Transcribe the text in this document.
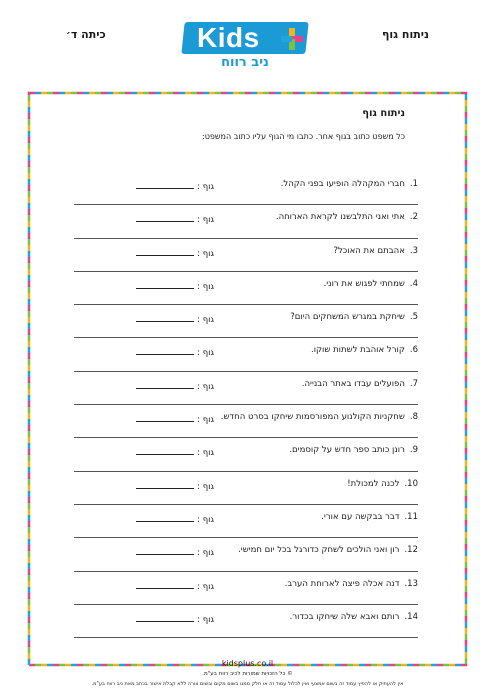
כיתה ד׳	ניתוח גוף
Kids
ניב רווח
ניתוח גוף
כל משפט כתוב בגוף אחר. כתבו מי הגוף עליו כתוב המשפט:
1.חברי המקהלה הופיעו בפני הקהל.
גוף :
2.אתי ואני התלבשנו לקראת הארוחה.
גוף :
3.אהבתם את האוכל?
גוף :
4.שמחתי לפגוש את רוני.
גוף :
5.שיחקת במגרש המשחקים היום?
גוף :
6.קורל אוהבת לשתות שוקו.
גוף :
7.הפועלים עבדו באתר הבנייה.
גוף :
8.שחקניות הקולנוע המפורסמות שיחקו בסרט החדש.
גוף :
9.רונן כותב ספר חדש על קוסמים.
גוף :
10.לכנה למכולת!
גוף :
11.דבר בבקשה עם אורי.
גוף :
12.רון ואני הולכים לשחק כדורגל בכל יום חמישי.
גוף :
13.דנה אכלה פיצה לארוחת הערב.
גוף :
14.רותם ואבא שלה שיחקו בכדור.
גוף :
kidsplus.co.il
© כל הזכויות שמורות לכיב רווח בע"מ.
אין להעתיק או להפיץ עמוד זה בשום אמצעי ואין לכלול עמוד זה או חלק ממנו בשום מקום ובשום צורה ללא קבלת אישור בכתב מאת ניב רווח בע"מ.
